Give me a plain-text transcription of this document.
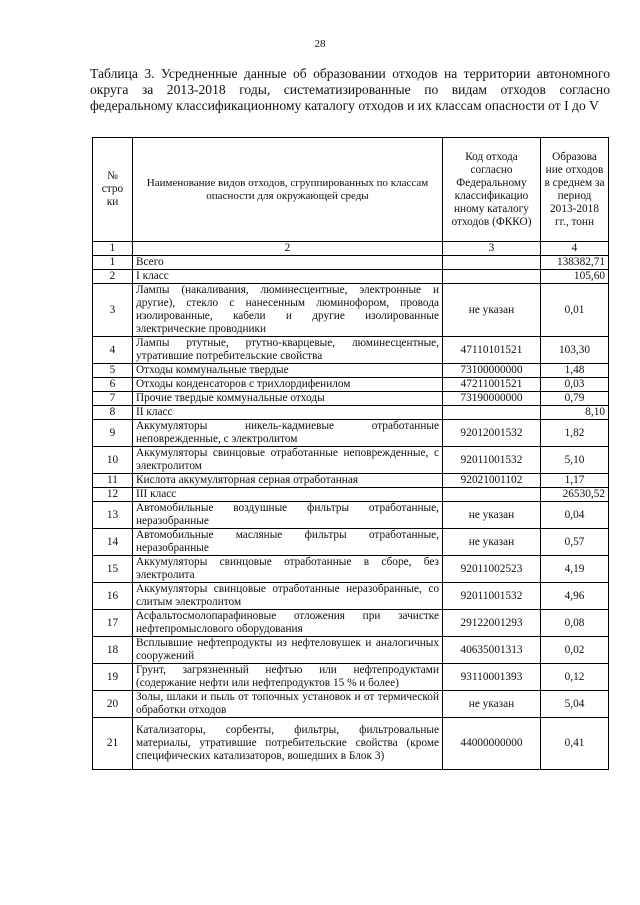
28
Таблица 3. Усредненные данные об образовании отходов на территории автономного округа за 2013-2018 годы, систематизированные по видам отходов согласно федеральному классификационному каталогу отходов и их классам опасности от I до V
№ стро ки	Наименование видов отходов, сгруппированных по классам опасности для окружающей среды	Код отхода согласно Федеральному классификацио нному каталогу отходов (ФККО)	Образова ние отходов в среднем за период 2013-2018 гг., тонн
1	2	3	4
1	Всего		138382,71
2	I класс		105,60
3	Лампы (накаливания, люминесцентные, электронные и другие), стекло с нанесенным люминофором, провода изолированные, кабели и другие изолированные электрические проводники	не указан	0,01
4	Лампы ртутные, ртутно-кварцевые, люминесцентные, утратившие потребительские свойства	47110101521	103,30
5	Отходы коммунальные твердые	73100000000	1,48
6	Отходы конденсаторов с трихлордифенилом	47211001521	0,03
7	Прочие твердые коммунальные отходы	73190000000	0,79
8	II класс		8,10
9	Аккумуляторы никель-кадмиевые отработанные неповрежденные, с электролитом	92012001532	1,82
10	Аккумуляторы свинцовые отработанные неповрежденные, с электролитом	92011001532	5,10
11	Кислота аккумуляторная серная отработанная	92021001102	1,17
12	III класс		26530,52
13	Автомобильные воздушные фильтры отработанные, неразобранные	не указан	0,04
14	Автомобильные масляные фильтры отработанные, неразобранные	не указан	0,57
15	Аккумуляторы свинцовые отработанные в сборе, без электролита	92011002523	4,19
16	Аккумуляторы свинцовые отработанные неразобранные, со слитым электролитом	92011001532	4,96
17	Асфальтосмолопарафиновые отложения при зачистке нефтепромыслового оборудования	29122001293	0,08
18	Всплывшие нефтепродукты из нефтеловушек и аналогичных сооружений	40635001313	0,02
19	Грунт, загрязненный нефтью или нефтепродуктами (содержание нефти или нефтепродуктов 15 % и более)	93110001393	0,12
20	Золы, шлаки и пыль от топочных установок и от термической обработки отходов	не указан	5,04
21	Катализаторы, сорбенты, фильтры, фильтровальные материалы, утратившие потребительские свойства (кроме специфических катализаторов, вошедших в Блок 3)	44000000000	0,41
